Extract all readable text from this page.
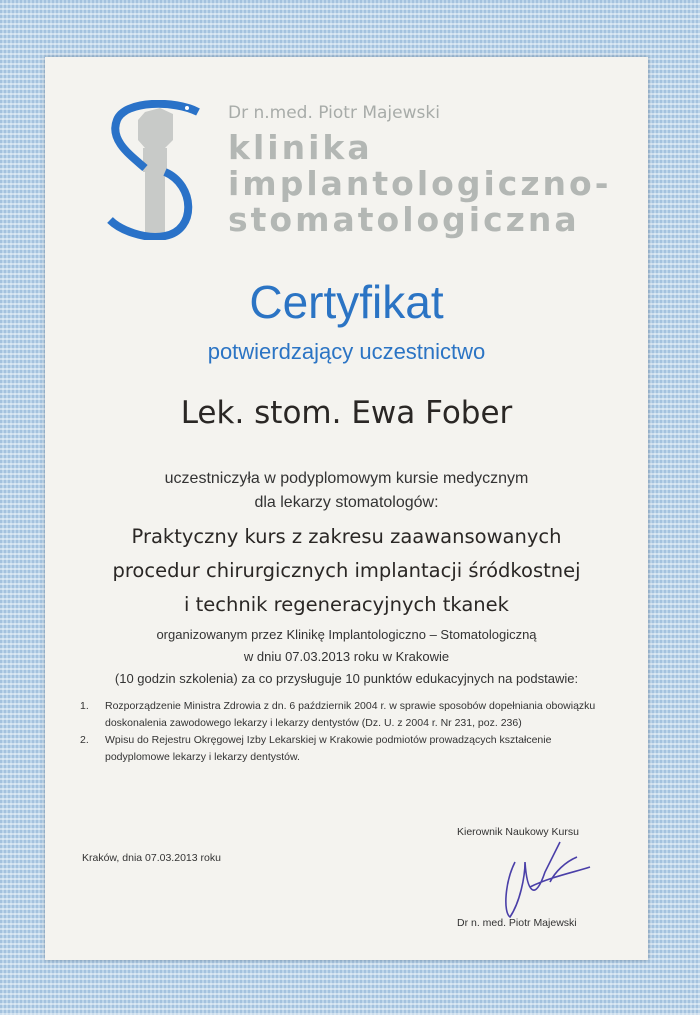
Dr n.med. Piotr Majewski
klinika
implantologiczno-
stomatologiczna
Certyfikat
potwierdzający uczestnictwo
Lek. stom. Ewa Fober
uczestniczyła w podyplomowym kursie medycznym
dla lekarzy stomatologów:
Praktyczny kurs z zakresu zaawansowanych
procedur chirurgicznych implantacji śródkostnej
i technik regeneracyjnych tkanek
organizowanym przez Klinikę Implantologiczno – Stomatologiczną
w dniu 07.03.2013 roku w Krakowie
(10 godzin szkolenia) za co przysługuje 10 punktów edukacyjnych na podstawie:
1.	Rozporządzenie Ministra Zdrowia z dn. 6 październik 2004 r. w sprawie sposobów dopełniania obowiązku doskonalenia zawodowego lekarzy i lekarzy dentystów (Dz. U. z 2004 r. Nr 231, poz. 236)
2.	Wpisu do Rejestru Okręgowej Izby Lekarskiej w Krakowie podmiotów prowadzących kształcenie podyplomowe lekarzy i lekarzy dentystów.
Kierownik Naukowy Kursu
Kraków, dnia 07.03.2013 roku
Dr n. med. Piotr Majewski
